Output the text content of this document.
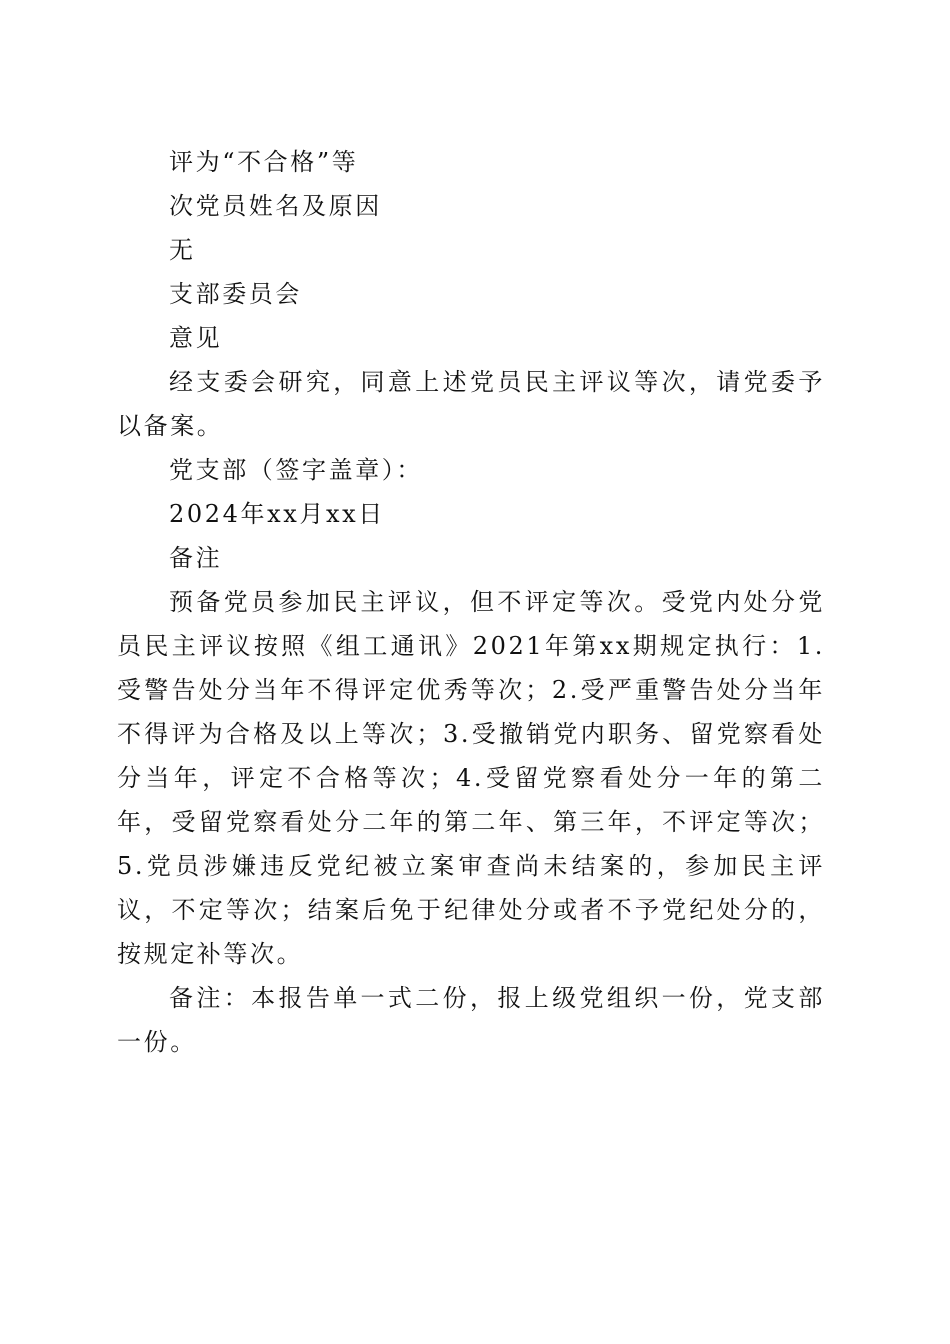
评为“不合格”等

次党员姓名及原因

无

支部委员会

意见

经支委会研究，同意上述党员民主评议等次，请党委予以备案。

党支部（签字盖章）：

2024年xx月xx日

备注

预备党员参加民主评议，但不评定等次。受党内处分党员民主评议按照《组工通讯》2021年第xx期规定执行：1.受警告处分当年不得评定优秀等次；2.受严重警告处分当年不得评为合格及以上等次；3.受撤销党内职务、留党察看处分当年，评定不合格等次；4.受留党察看处分一年的第二年，受留党察看处分二年的第二年、第三年，不评定等次；5.党员涉嫌违反党纪被立案审查尚未结案的，参加民主评议，不定等次；结案后免于纪律处分或者不予党纪处分的，按规定补等次。

备注：本报告单一式二份，报上级党组织一份，党支部一份。
